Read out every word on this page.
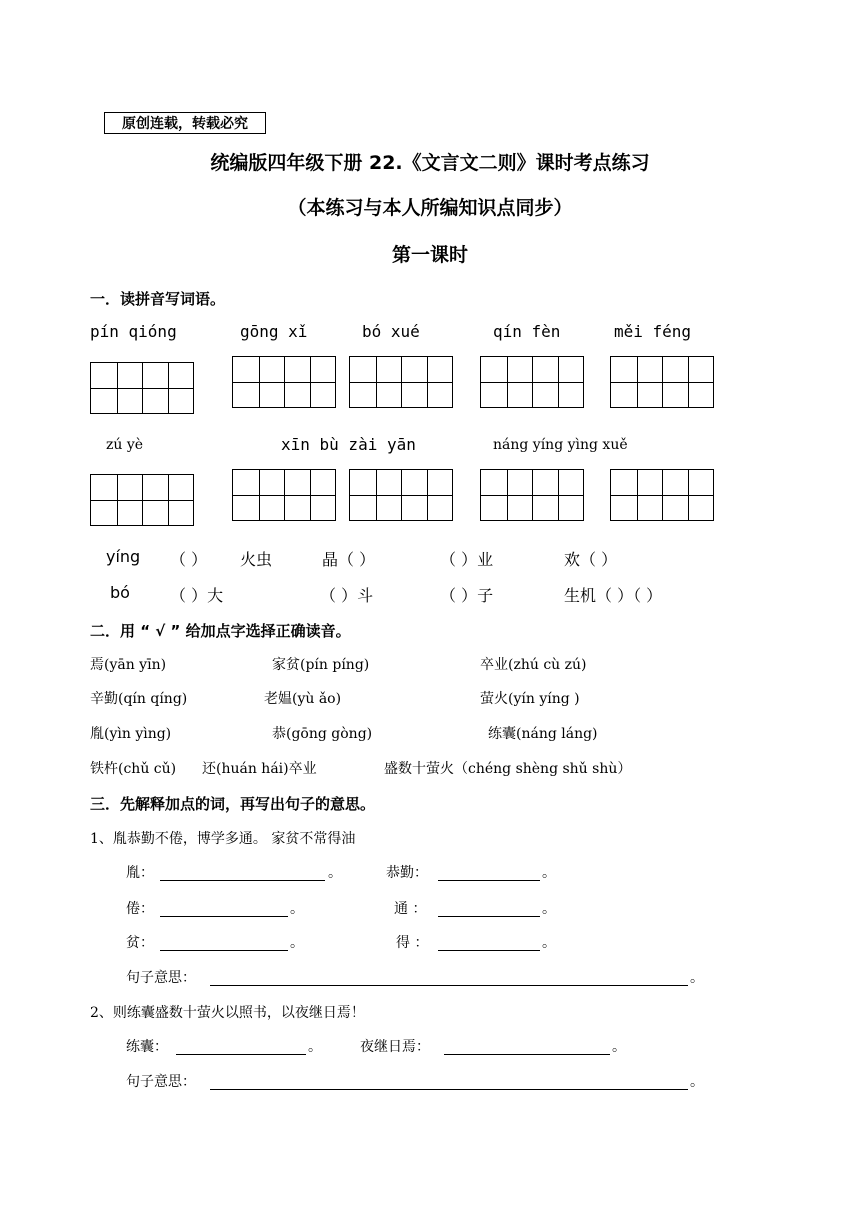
原创连载，转载必究
统编版四年级下册 22.《文言文二则》课时考点练习
（本练习与本人所编知识点同步）
第一课时
一．读拼音写词语。
pín qióng	gōng xǐ	bó xué	qín fèn	měi féng
zú yè	xīn bù zài yān	náng yíng yìng xuě
yíng （ ） 火虫	晶（ ）	（ ）业	欢（ ）
bó	（ ）大	（ ）斗	（ ）子	生机（ ）（ ）
二．用 “ √ ” 给加点字选择正确读音。
焉(yān yīn)	家贫(pín píng)	卒业(zhú cù zú)
辛勤(qín qíng)	老媪(yù ǎo)	萤火(yín yíng )
胤(yìn yìng)	恭(gōng gòng)	练囊(náng láng)
铁杵(chǔ cǔ) 还(huán hái)卒业	盛数十萤火（chéng shèng shǔ shù）
三．先解释加点的词，再写出句子的意思。
1、胤恭勤不倦，博学多通。 家贫不常得油
胤：	。	恭勤：	。
倦：	。	通 ：	。
贫：	。	得 ：	。
句子意思：	。
2、则练囊盛数十萤火以照书，以夜继日焉！
练囊：	。	夜继日焉：	。
句子意思：	。
